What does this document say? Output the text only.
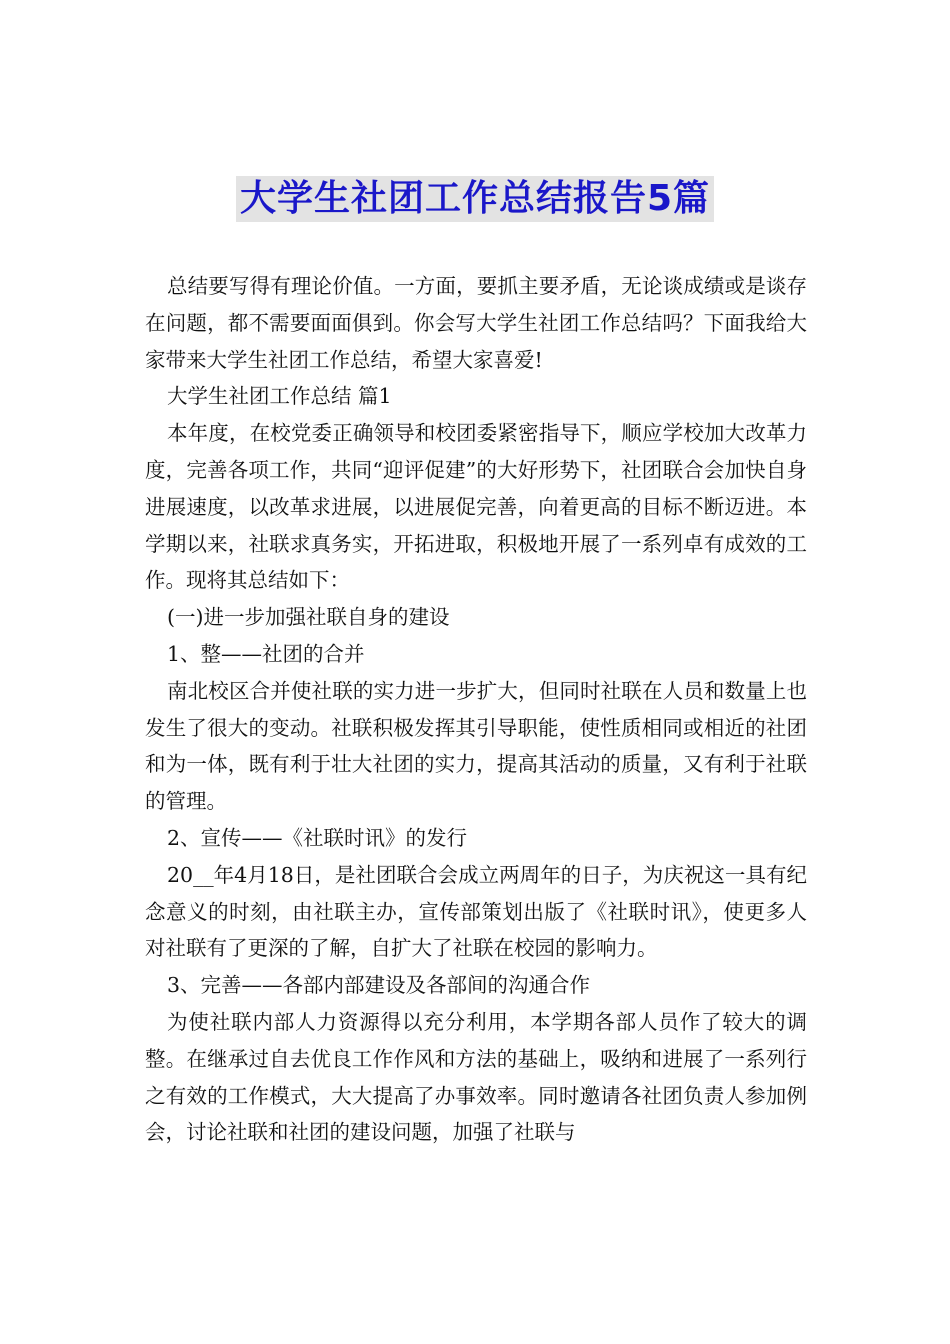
大学生社团工作总结报告5篇

总结要写得有理论价值。一方面，要抓主要矛盾，无论谈成绩或是谈存在问题，都不需要面面俱到。你会写大学生社团工作总结吗？下面我给大家带来大学生社团工作总结，希望大家喜爱!

大学生社团工作总结 篇1

本年度，在校党委正确领导和校团委紧密指导下，顺应学校加大改革力度，完善各项工作，共同“迎评促建”的大好形势下，社团联合会加快自身进展速度，以改革求进展，以进展促完善，向着更高的目标不断迈进。本学期以来，社联求真务实，开拓进取，积极地开展了一系列卓有成效的工作。现将其总结如下：

(一)进一步加强社联自身的建设

1、整——社团的合并

南北校区合并使社联的实力进一步扩大，但同时社联在人员和数量上也发生了很大的变动。社联积极发挥其引导职能，使性质相同或相近的社团和为一体，既有利于壮大社团的实力，提高其活动的质量，又有利于社联的管理。

2、宣传——《社联时讯》的发行

20__年4月18日，是社团联合会成立两周年的日子，为庆祝这一具有纪念意义的时刻，由社联主办，宣传部策划出版了《社联时讯》，使更多人对社联有了更深的了解，自扩大了社联在校园的影响力。

3、完善——各部内部建设及各部间的沟通合作

为使社联内部人力资源得以充分利用，本学期各部人员作了较大的调整。在继承过自去优良工作作风和方法的基础上，吸纳和进展了一系列行之有效的工作模式，大大提高了办事效率。同时邀请各社团负责人参加例会，讨论社联和社团的建设问题，加强了社联与
